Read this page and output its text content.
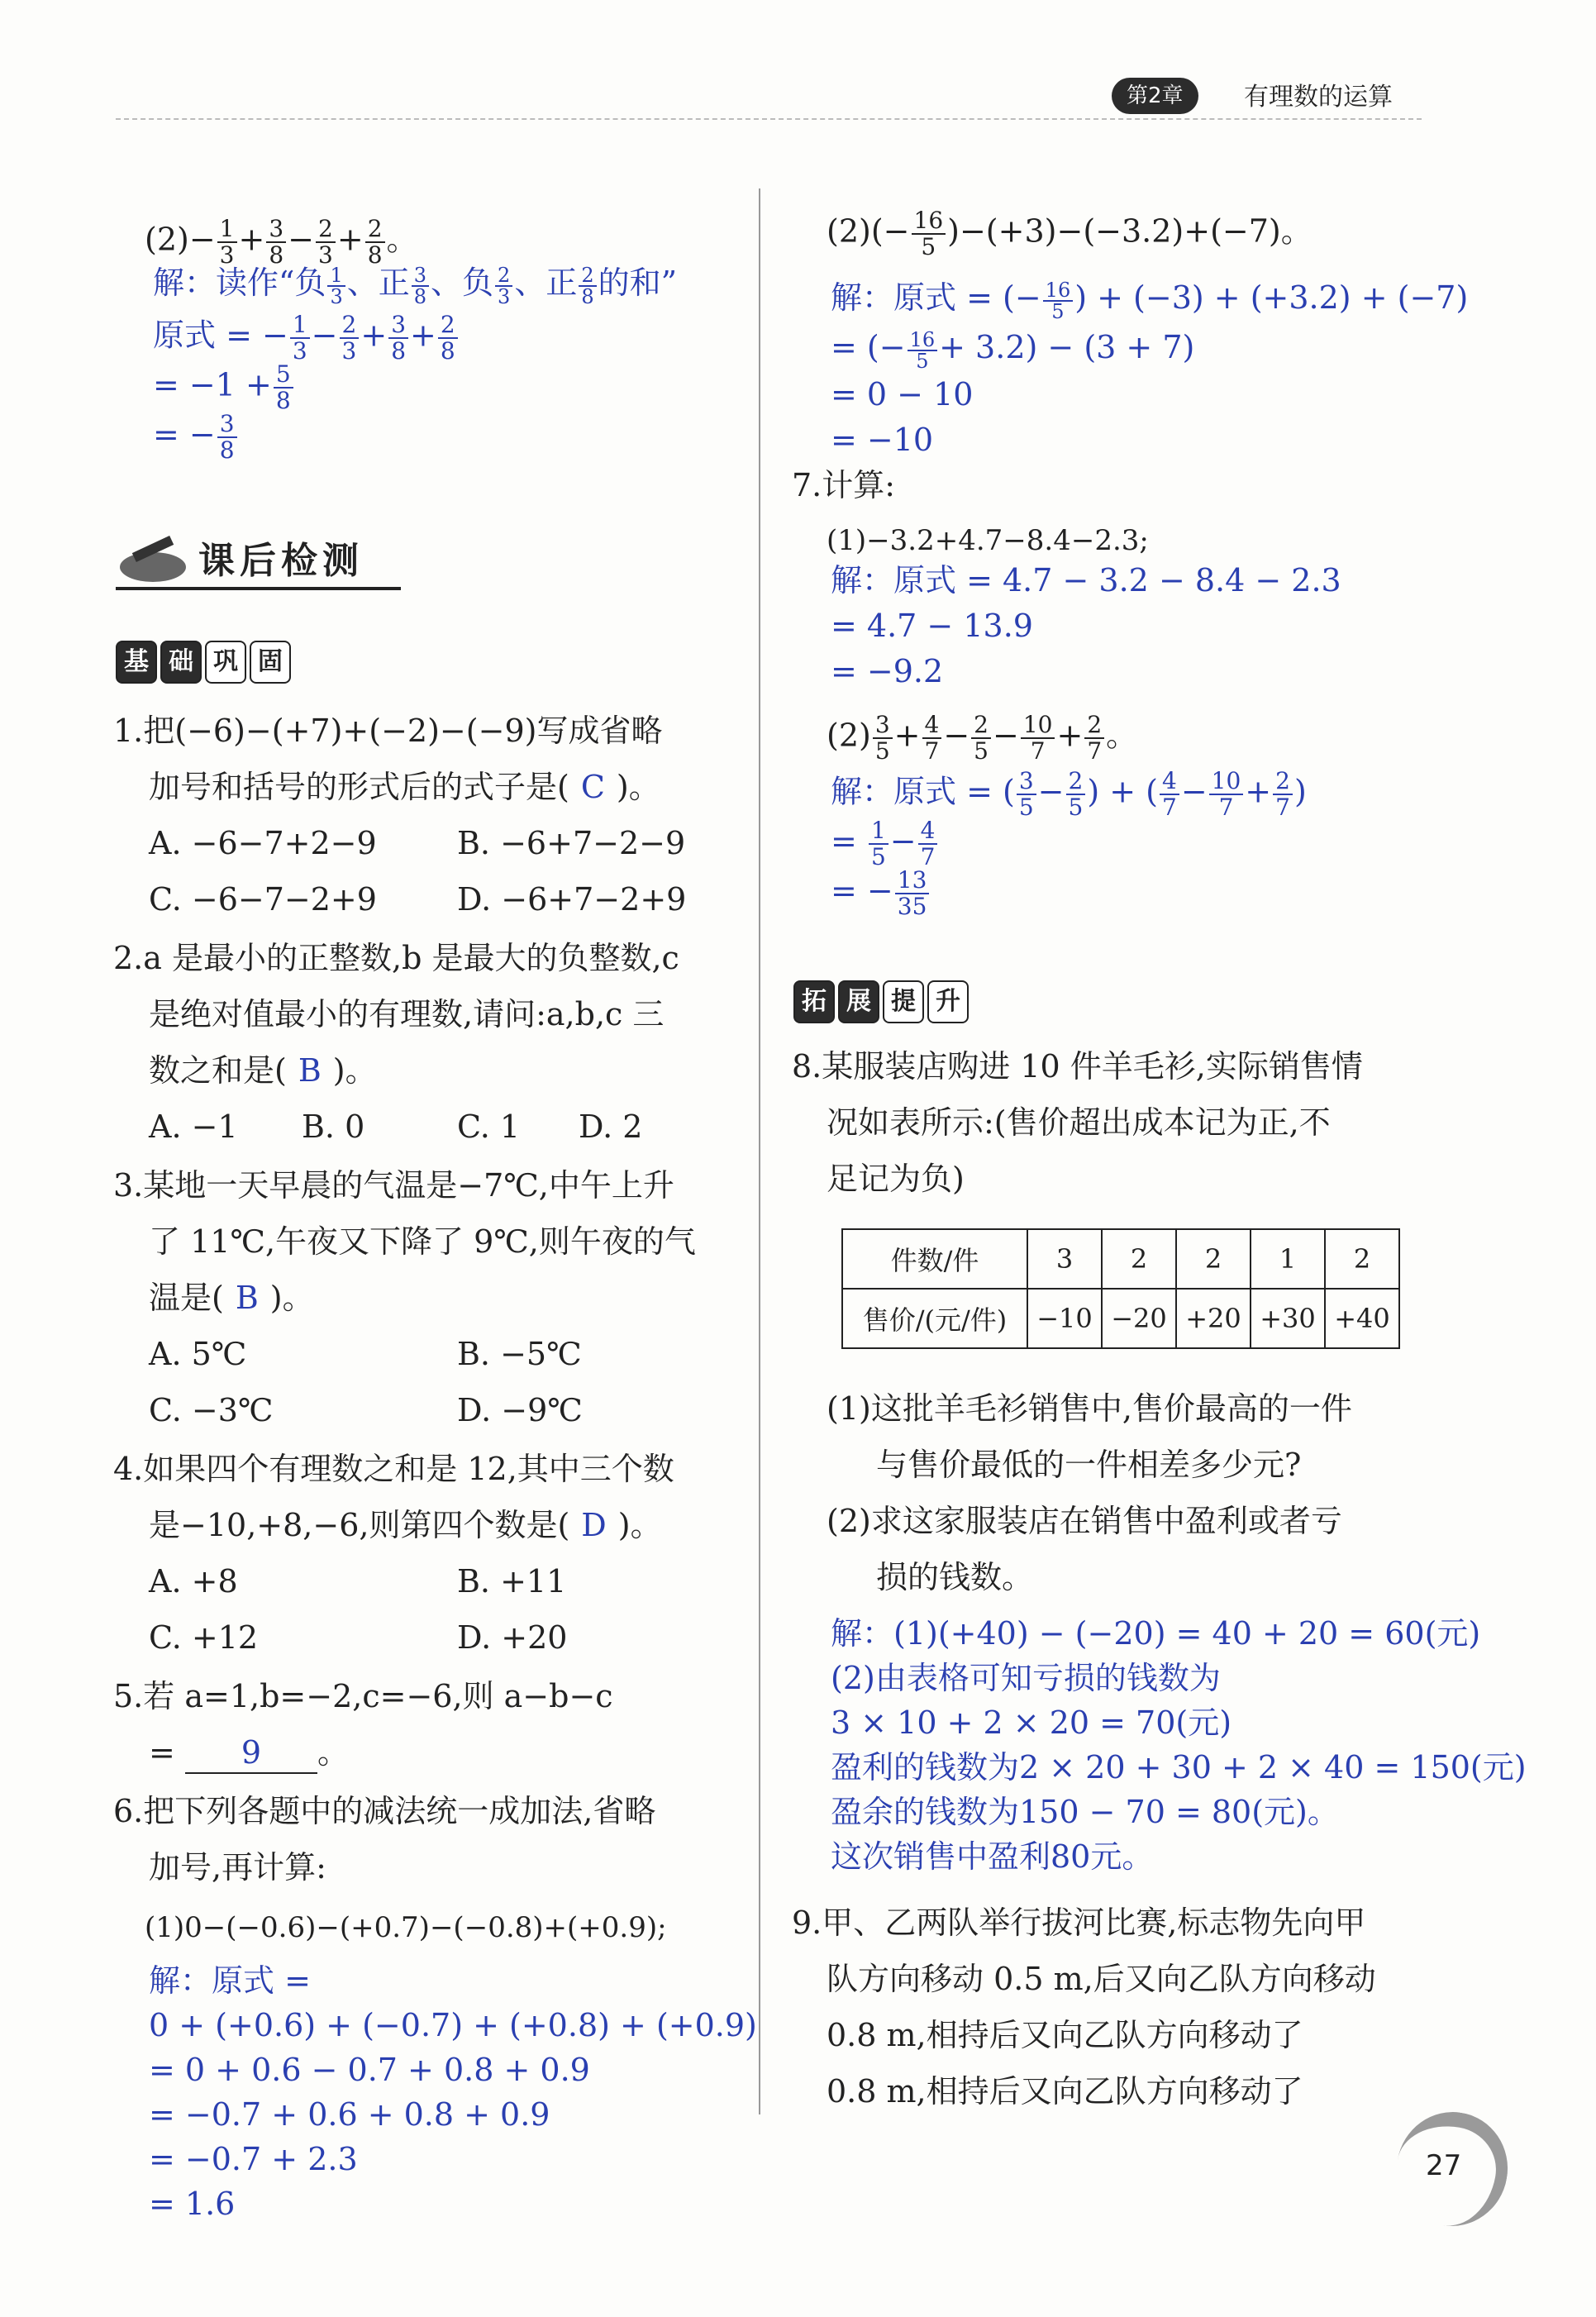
第2章	有理数的运算
$(2)- \frac{1}{3} + \frac{3}{8} - \frac{2}{3} + \frac{2}{8}$ 。
解：读作“负 $\frac{1}{3}$ 、正 $\frac{3}{8}$ 、负 $\frac{2}{3}$ 、正 $\frac{2}{8}$ 的和”
原式 = − $\frac{1}{3} - \frac{2}{3} + \frac{3}{8} + \frac{2}{8}$
= $-1 + \frac{5}{8}$
= − $\frac{3}{8}$
课后检测
基 础 巩 固
1.把(−6)−(+7)+(−2)−(−9)写成省略
加号和括号的形式后的式子是( C )。
A. −6−7+2−9	B. −6+7−2−9
C. −6−7−2+9	D. −6+7−2+9
2.a 是最小的正整数,b 是最大的负整数,c
是绝对值最小的有理数,请问:a,b,c 三
数之和是( B )。
A. −1 B. 0	C. 1 D. 2
3.某地一天早晨的气温是−7℃,中午上升
了 11℃,午夜又下降了 9℃,则午夜的气
温是( B )。
A. 5℃	B. −5℃
C. −3℃	D. −9℃
4.如果四个有理数之和是 12,其中三个数
是−10,+8,−6,则第四个数是( D )。
A. +8	B. +11
C. +12	D. +20
5.若 a=1,b=−2,c=−6,则 a−b−c
= 9 。
6.把下列各题中的减法统一成加法,省略
加号,再计算:
(1)0−(−0.6)−(+0.7)−(−0.8)+(+0.9);
解：原式 =
0 + (+0.6) + (−0.7) + (+0.8) + (+0.9)
= 0 + 0.6 − 0.7 + 0.8 + 0.9
= −0.7 + 0.6 + 0.8 + 0.9
= −0.7 + 2.3
= 1.6
$(2)(- \frac{16}{5} )-(+3)-(-3.2)+(-7)$。
解：原式 = (− $\frac{16}{5}$ ) + (−3) + (+3.2) + (−7)
= (− $\frac{16}{5} + 3.2) - (3 + 7)$
= 0 − 10
= −10
7.计算:
(1)−3.2+4.7−8.4−2.3;
解：原式 = 4.7 − 3.2 − 8.4 − 2.3
= 4.7 − 13.9
= −9.2
$(2) \frac{3}{5} + \frac{4}{7} - \frac{2}{5} - \frac{10}{7} + \frac{2}{7}$ 。
解：原式 = ( $\frac{3}{5} - \frac{2}{5}$ ) + ( $\frac{4}{7} - \frac{10}{7} + \frac{2}{7}$ )
= $\frac{1}{5} - \frac{4}{7}$
= − $\frac{13}{35}$
拓 展 提 升
8.某服装店购进 10 件羊毛衫,实际销售情
况如表所示:(售价超出成本记为正,不
足记为负)
件数/件	3	2	2	1	2
售价/(元/件)	−10	−20	+20	+30	+40
(1)这批羊毛衫销售中,售价最高的一件
与售价最低的一件相差多少元?
(2)求这家服装店在销售中盈利或者亏
损的钱数。
解：(1)(+40) − (−20) = 40 + 20 = 60(元)
(2)由表格可知亏损的钱数为
3 × 10 + 2 × 20 = 70(元)
盈利的钱数为2 × 20 + 30 + 2 × 40 = 150(元)
盈余的钱数为150 − 70 = 80(元)。
这次销售中盈利80元。
9.甲、乙两队举行拔河比赛,标志物先向甲
队方向移动 0.5 m,后又向乙队方向移动
0.8 m,相持后又向乙队方向移动了
0.8 m,相持后又向乙队方向移动了
27
